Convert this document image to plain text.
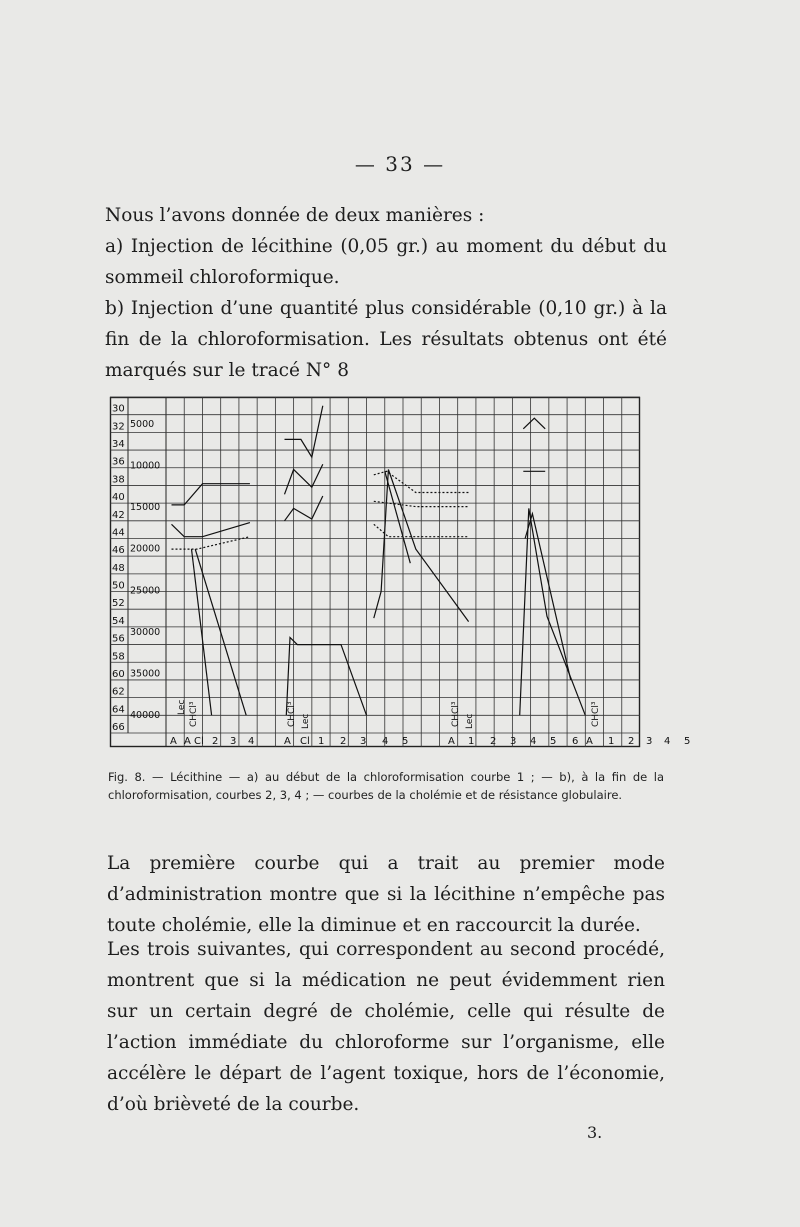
— 33 —

Nous l’avons donnée de deux manières :

a) Injection de lécithine (0,05 gr.) au moment du début du sommeil chloroformique.

b) Injection d’une quantité plus considérable (0,10 gr.) à la fin de la chloroformisation. Les résultats obtenus ont été marqués sur le tracé N° 8

30
32
34
36
38
40
42
44
46
48
50
52
54
56
58
60
62
64
66
5000
10000
15000
20000
25000
30000
35000
40000
A A Cl 2 3 4	A Cl 1 2 3 4 5	A 1 2 3 4 5 6 A 1 2 3 4 5
Lec CHCl³	CHCl³ Lec	CHCl³ Lec	CHCl³

Fig. 8. — Lécithine — a) au début de la chloroformisation courbe 1 ; — b), à la fin de la chloroformisation, courbes 2, 3, 4 ; — courbes de la cholémie et de résistance globulaire.

La première courbe qui a trait au premier mode d’administration montre que si la lécithine n’empêche pas toute cholémie, elle la diminue et en raccourcit la durée.

Les trois suivantes, qui correspondent au second procédé, montrent que si la médication ne peut évidemment rien sur un certain degré de cholémie, celle qui résulte de l’action immédiate du chloroforme sur l’organisme, elle accélère le départ de l’agent toxique, hors de l’économie, d’où brièveté de la courbe.

3.
